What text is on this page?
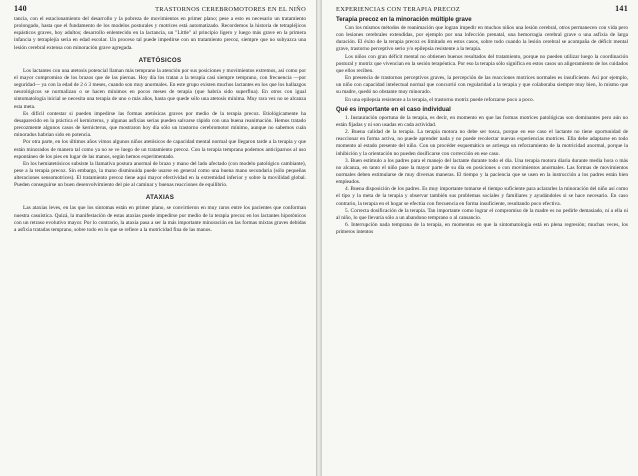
140	TRASTORNOS CEREBROMOTORES EN EL NIÑO

tancia, con el estacionamiento del desarrollo y la pobreza de movimientos en primer plano; pese a esto es necesario un tratamiento prolongado, hasta que el fundamento de los modelos posturales y motrices está automatizado. Recordemos la historia de tetrapléjicos espásticos graves, hoy adultos; desarrollo enlentecido en la lactancia, un "Little" al principio ligero y luego más grave en la primera infancia y tetraplejía seria en edad escolar. Un proceso tal puede impedirse con un tratamiento precoz, siempre que no subyazca una lesión cerebral extensa con minoración grave agregada.

ATETÓSICOS

Los lactantes con una atetosis potencial llaman más temprano la atención por sus posiciones y movimientos extremos, así como por el mayor compromiso de los brazos que de las piernas. Hoy día los tratan a la terapia casi siempre temprano, con frecuencia —por seguridad— ya con la edad de 2 ó 3 meses, cuando son muy anormales. En este grupo existen muchos lactantes en los que los hallazgos neurológicos se normalizan o se hacen mínimos en pocos meses de terapia (que habría sido superflua). En otros con igual sintomatología inicial se necesita una terapia de uno o más años, hasta que quede sólo una atetosis mínima. Muy rara vez no se alcanza esta meta.

Es difícil contestar si pueden impedirse las formas atetósicas graves por medio de la terapia precoz. Etiológicamente ha desaparecido en la práctica el kernicterus, y algunas asfixias serias pueden salvarse rápido con una buena reanimación. Hemos tratado precozmente algunos casos de kernicterus, que mostraron hoy día sólo un trastorno cerebromotor mínimo, aunque no sabemos cuán minorados habrían sido en potencia.

Por otra parte, en los últimos años vimos algunos niños atetósicos de capacidad mental normal que llegaron tarde a la terapia y que están minorados de manera tal como ya no se ve luego de un tratamiento precoz. Con la terapia temprana podemos anticiparnos al uso espontáneo de los pies en lugar de las manos, según hemos experimentado.

En los hemiatetósicos subsiste la llamativa postura anormal de brazo y mano del lado afectado (con modelo patológico cambiante), pese a la terapia precoz. Sin embargo, la mano disminuida puede usarse en general como una buena mano secundaria (sólo pequeñas alteraciones sensomotrices). El tratamiento precoz tiene aquí mayor efectividad en la extremidad inferior y sobre la movilidad global. Pueden conseguirse un buen desenvolvimiento del pie al caminar y buenas reacciones de equilibrio.

ATAXIAS

Las ataxias leves, en las que los síntomas están en primer plano, se convirtieron en muy raros entre los pacientes que conforman nuestra casuística. Quizá, la manifestación de estas ataxias puede impedirse por medio de la terapia precoz en los lactantes hipotónicos con un retraso evolutivo mayor. Por lo contrario, la ataxia pasa a ser la más importante minoración en las formas mixtas graves debidas a asfixia tratadas temprano, sobre todo en lo que se refiere a la motricidad fina de las manos.

EXPERIENCIAS CON TERAPIA PRECOZ	141
Terapia precoz en la minoración múltiple grave

Con los mismos métodos de reanimación que logran impedir en muchos niños una lesión cerebral, otros permanecen con vida pero con lesiones cerebrales extendidas, por ejemplo por una infección prenatal, una hemorragia cerebral grave o una asfixia de larga duración. El éxito de la terapia precoz es limitado en estos casos, sobre todo cuando la lesión cerebral se acompaña de déficit mental grave, trastorno perceptivo serio y/o epilepsia resistente a la terapia.

Los niños con gran déficit mental no obtienen buenos resultados del tratamiento, porque no pueden utilizar luego la coordinación postural y motriz que vivencian en la sesión terapéutica. Por eso la terapia sólo significa en estos casos un aligeramiento de los cuidados que ellos reciben.

En presencia de trastornos perceptivos graves, la percepción de las reacciones motrices normales es insuficiente. Así por ejemplo, un niño con capacidad intelectual normal que concurrió con regularidad a la terapia y que colaboraba siempre muy bien, lo mismo que su madre, quedó no obstante muy minorado.

En una epilepsia resistente a la terapia, el trastorno motriz puede reforzarse poco a poco.

Qué es importante en el caso individual

1. Instauración oportuna de la terapia, es decir, en momento en que las formas motrices patológicas son dominantes pero aún no están fijadas y ni son usadas en cada actividad.

2. Buena calidad de la terapia. La terapia motora no debe ser tosca, porque en ese caso el lactante no tiene oportunidad de reaccionar en forma activa, no puede aprender nada y no puede recolectar nuevas experiencias motrices. Ella debe adaptarse en todo momento al estado presente del niño. Con un procéder esquemático se arriesga un reforzamiento de la motricidad anormal, porque la inhibición y la orientación no pueden dosificarse con corrección en ese caso.

3. Buen estímulo a los padres para el manejo del lactante durante todo el día. Una terapia motora diaria durante media hora o más no alcanza, en tanto el niño pase la mayor parte de su día en posiciones o con movimientos anormales. Las formas de movimientos normales deben estimularse de muy diversas maneras. El tiempo y la paciencia que se usen en la instrucción a los padres están bien empleados.

4. Buena disposición de los padres. Es muy importante tomarse el tiempo suficiente para aclararles la minoración del niño así como el tipo y la meta de la terapia y observar también sus problemas sociales y familiares y ayudándoles si se hace necesario. En caso contrario, la terapia en el hogar se efectúa con frecuencia en forma insuficiente, resultando poco efectiva.

5. Correcta dosificación de la terapia. Tan importante como lograr el compromiso de la madre es no pedirle demasiado, ni a ella ni al niño, lo que llevaría sólo a un abandono temprano o al cansancio.

6. Interrupción nada temprana de la terapia, en momentos en que la sintomatología está en plena regresión; muchas veces, los primeros intentos
